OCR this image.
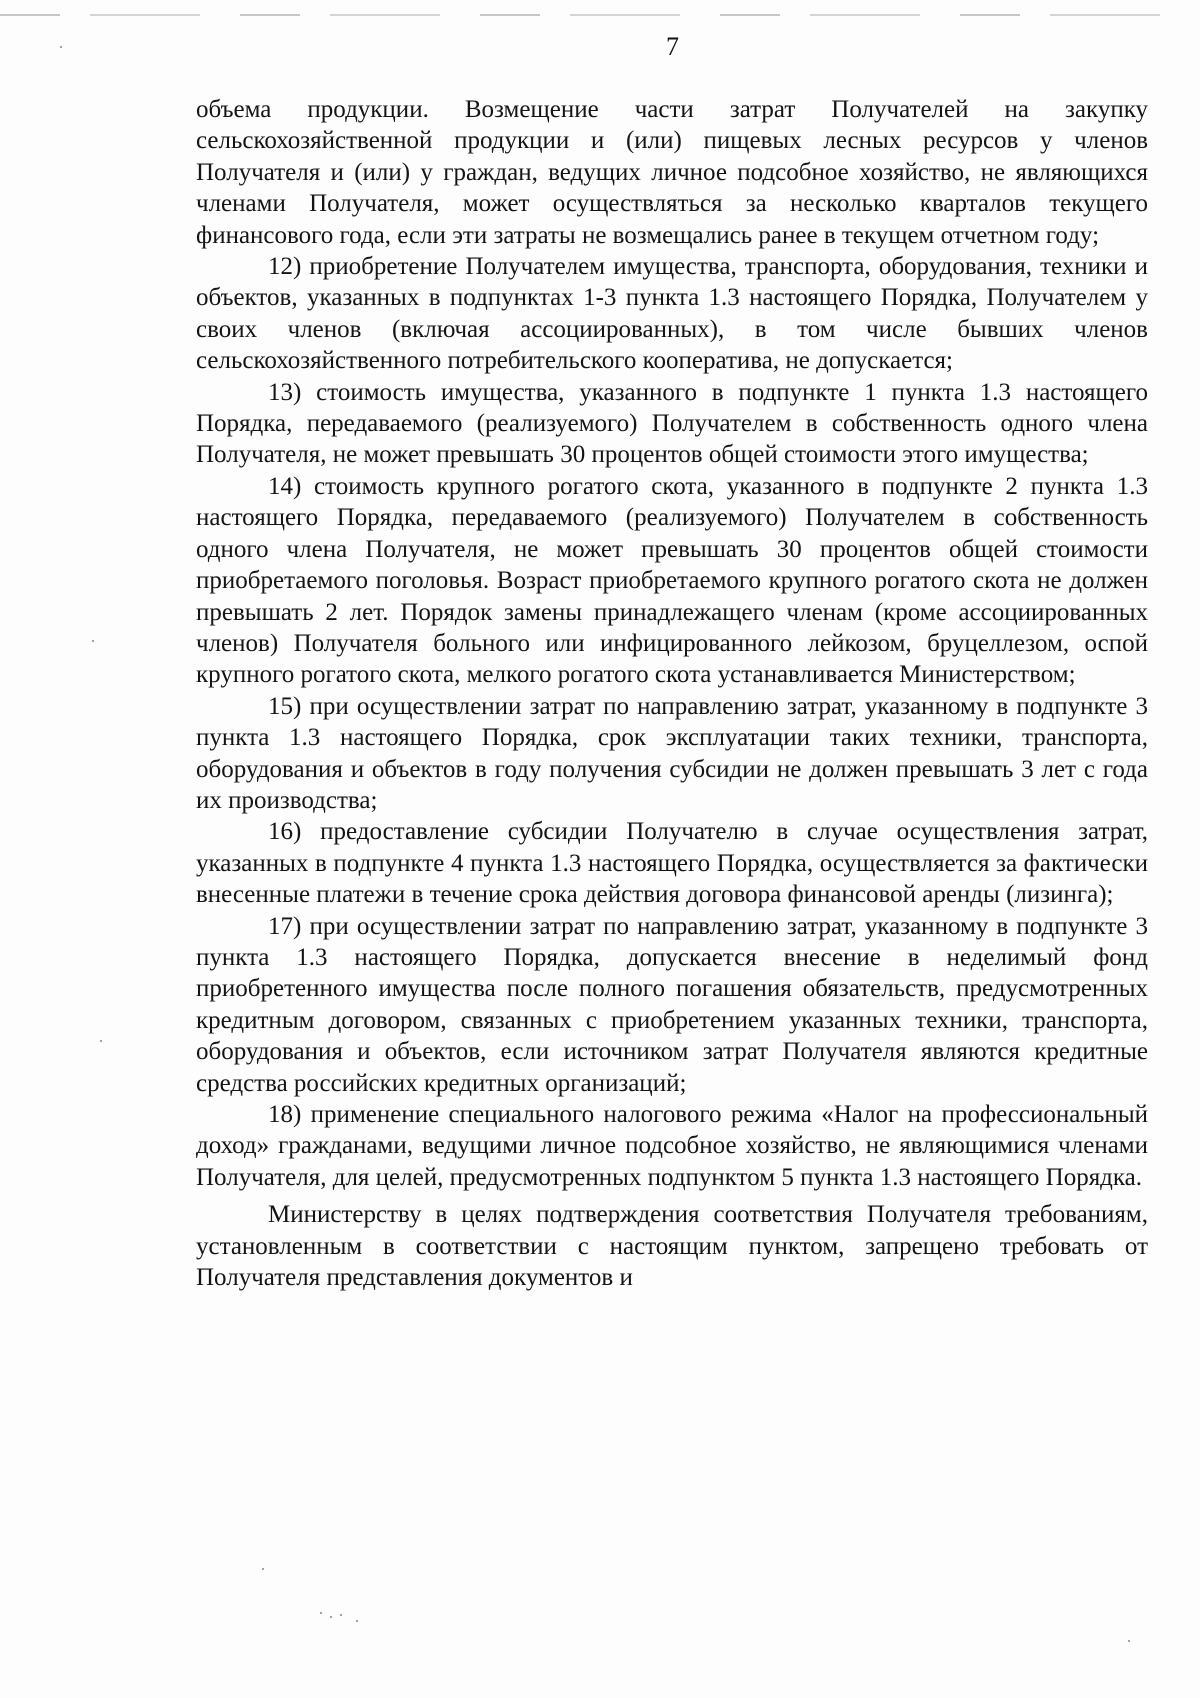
7

объема продукции. Возмещение части затрат Получателей на закупку сельскохозяйственной продукции и (или) пищевых лесных ресурсов у членов Получателя и (или) у граждан, ведущих личное подсобное хозяйство, не являющихся членами Получателя, может осуществляться за несколько кварталов текущего финансового года, если эти затраты не возмещались ранее в текущем отчетном году;

12) приобретение Получателем имущества, транспорта, оборудования, техники и объектов, указанных в подпунктах 1-3 пункта 1.3 настоящего Порядка, Получателем у своих членов (включая ассоциированных), в том числе бывших членов сельскохозяйственного потребительского кооператива, не допускается;

13) стоимость имущества, указанного в подпункте 1 пункта 1.3 настоящего Порядка, передаваемого (реализуемого) Получателем в собственность одного члена Получателя, не может превышать 30 процентов общей стоимости этого имущества;

14) стоимость крупного рогатого скота, указанного в подпункте 2 пункта 1.3 настоящего Порядка, передаваемого (реализуемого) Получателем в собственность одного члена Получателя, не может превышать 30 процентов общей стоимости приобретаемого поголовья. Возраст приобретаемого крупного рогатого скота не должен превышать 2 лет. Порядок замены принадлежащего членам (кроме ассоциированных членов) Получателя больного или инфицированного лейкозом, бруцеллезом, оспой крупного рогатого скота, мелкого рогатого скота устанавливается Министерством;

15) при осуществлении затрат по направлению затрат, указанному в подпункте 3 пункта 1.3 настоящего Порядка, срок эксплуатации таких техники, транспорта, оборудования и объектов в году получения субсидии не должен превышать 3 лет с года их производства;

16) предоставление субсидии Получателю в случае осуществления затрат, указанных в подпункте 4 пункта 1.3 настоящего Порядка, осуществляется за фактически внесенные платежи в течение срока действия договора финансовой аренды (лизинга);

17) при осуществлении затрат по направлению затрат, указанному в подпункте 3 пункта 1.3 настоящего Порядка, допускается внесение в неделимый фонд приобретенного имущества после полного погашения обязательств, предусмотренных кредитным договором, связанных с приобретением указанных техники, транспорта, оборудования и объектов, если источником затрат Получателя являются кредитные средства российских кредитных организаций;

18) применение специального налогового режима «Налог на профессиональный доход» гражданами, ведущими личное подсобное хозяйство, не являющимися членами Получателя, для целей, предусмотренных подпунктом 5 пункта 1.3 настоящего Порядка.

Министерству в целях подтверждения соответствия Получателя требованиям, установленным в соответствии с настоящим пунктом, запрещено требовать от Получателя представления документов и
